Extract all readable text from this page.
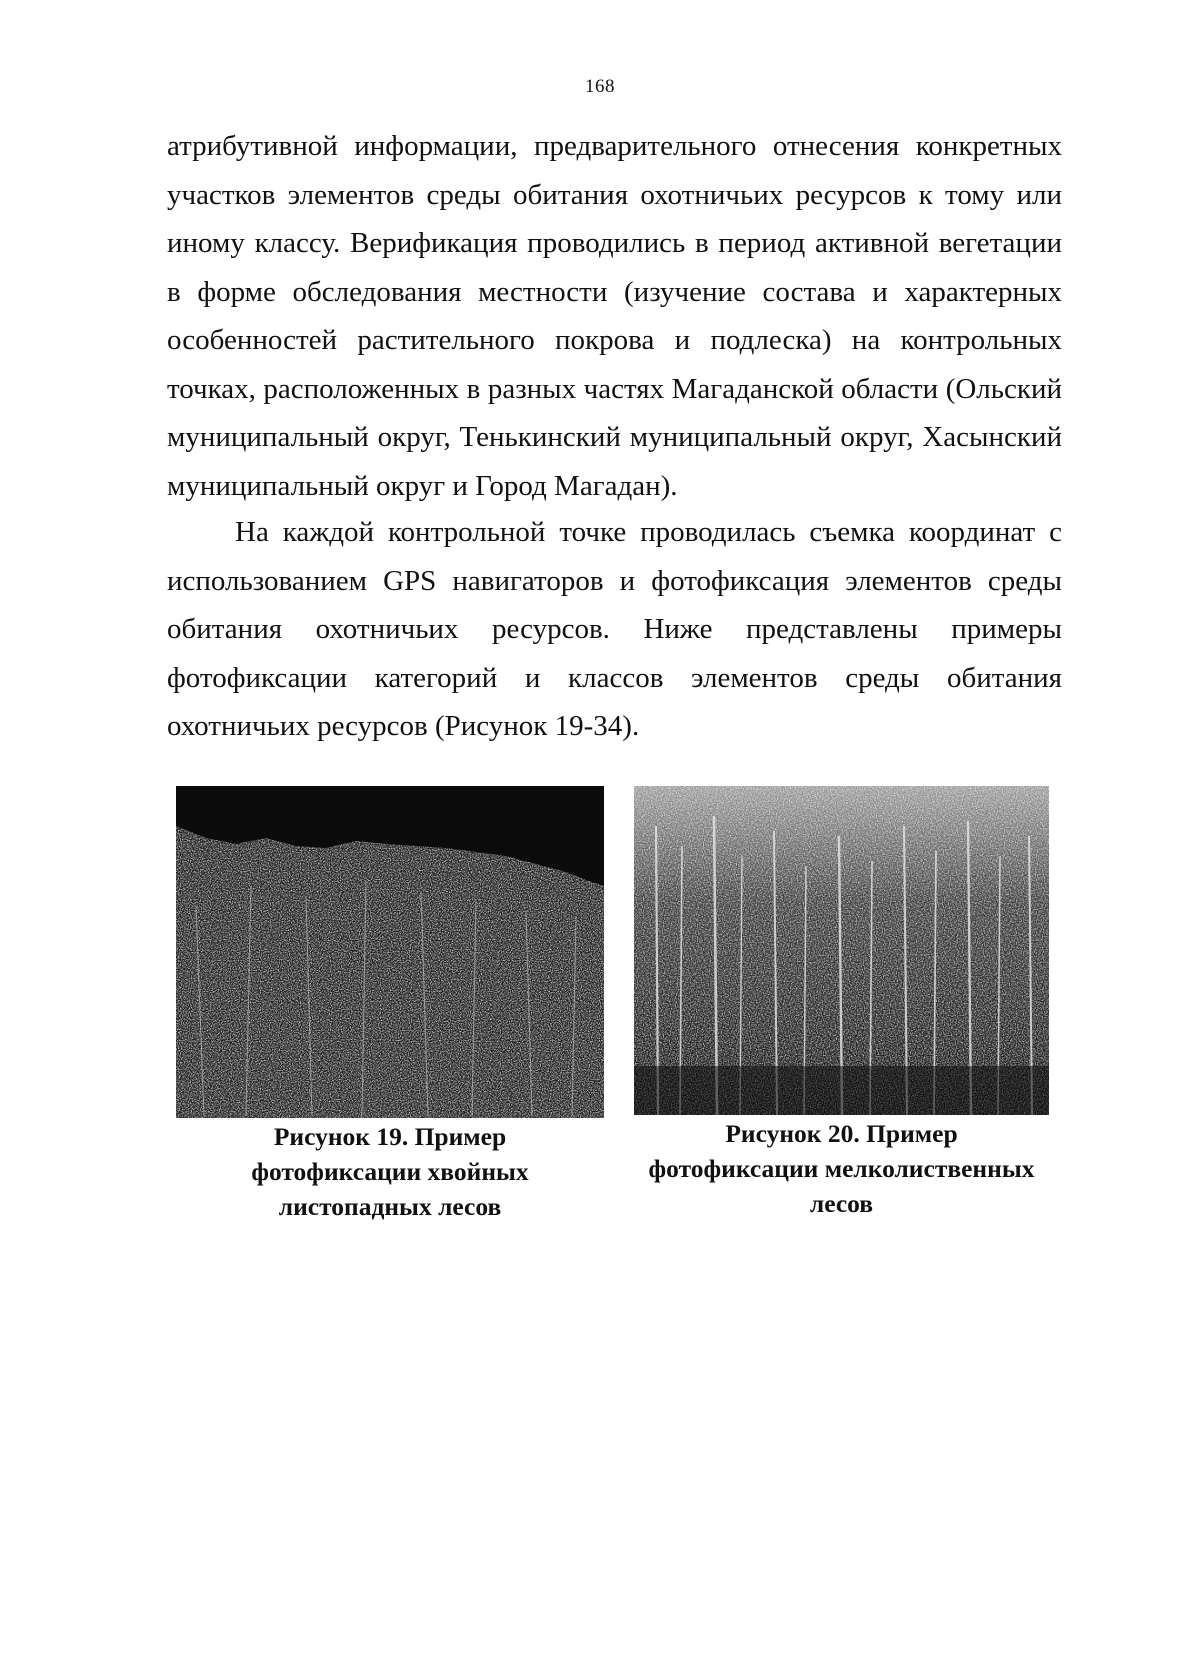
168

атрибутивной информации, предварительного отнесения конкретных участков элементов среды обитания охотничьих ресурсов к тому или иному классу. Верификация проводились в период активной вегетации в форме обследования местности (изучение состава и характерных особенностей растительного покрова и подлеска) на контрольных точках, расположенных в разных частях Магаданской области (Ольский муниципальный округ, Тенькинский муниципальный округ, Хасынский муниципальный округ и Город Магадан).

На каждой контрольной точке проводилась съемка координат с использованием GPS навигаторов и фотофиксация элементов среды обитания охотничьих ресурсов. Ниже представлены примеры фотофиксации категорий и классов элементов среды обитания охотничьих ресурсов (Рисунок 19-34).

Рисунок 19. Пример
фотофиксации хвойных
листопадных лесов
Рисунок 20. Пример
фотофиксации мелколиственных
лесов
